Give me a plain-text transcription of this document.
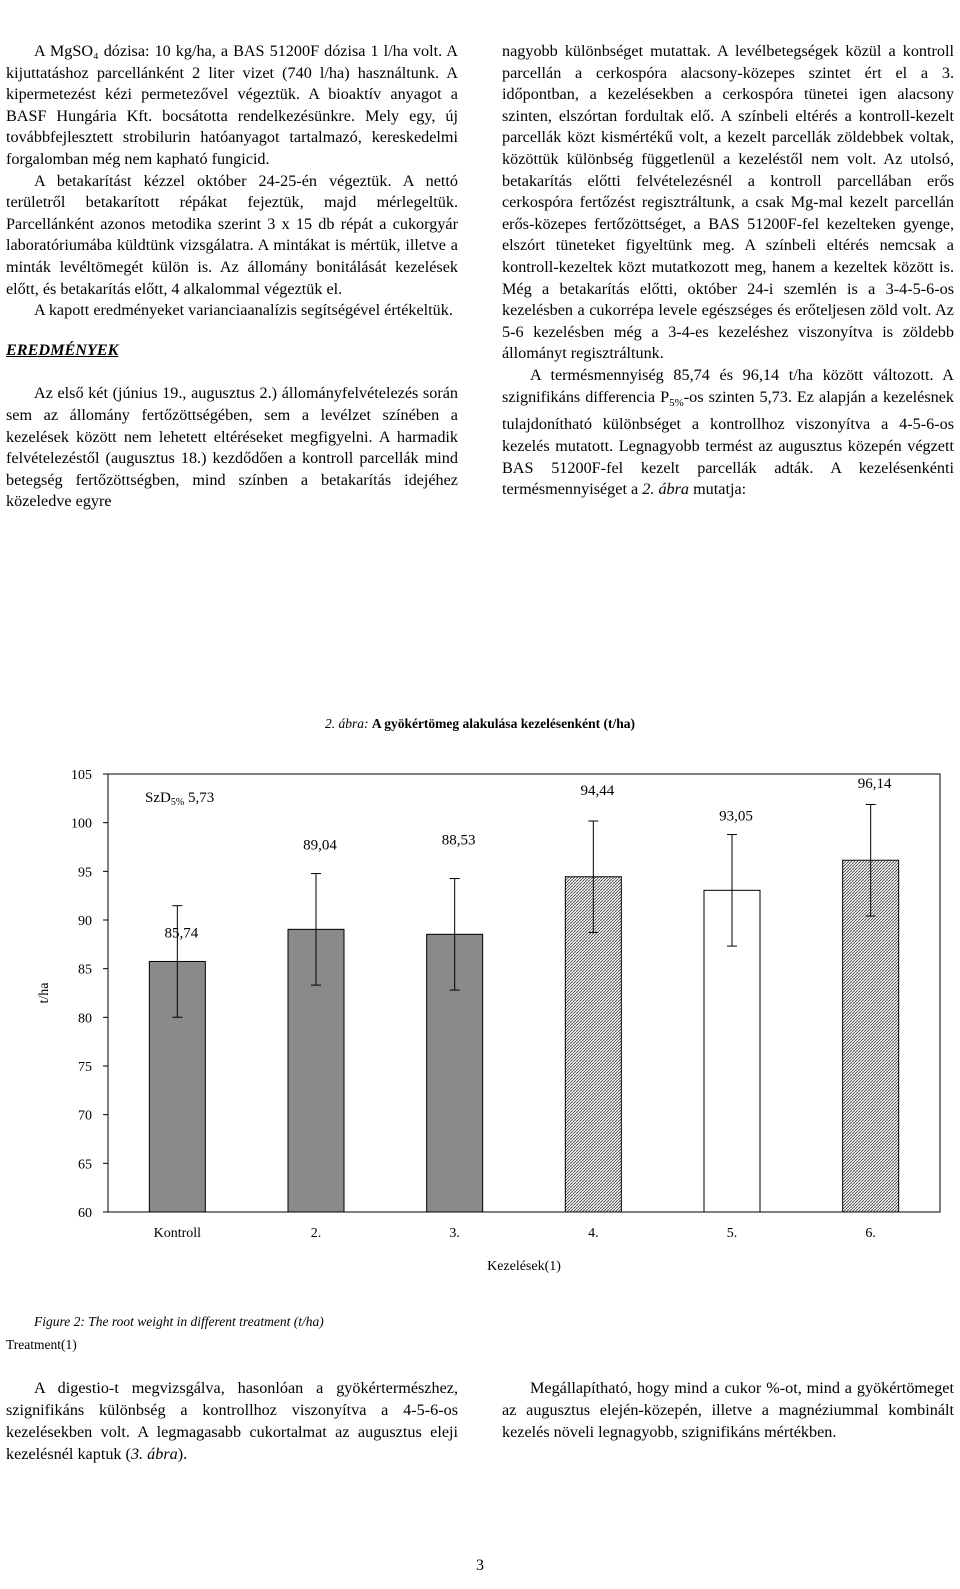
A MgSO₄ dózisa: 10 kg/ha, a BAS 51200F dózisa 1 l/ha volt. A kijuttatáshoz parcellánként 2 liter vizet (740 l/ha) használtunk. A kipermetezést kézi permetezővel végeztük. A bioaktív anyagot a BASF Hungária Kft. bocsátotta rendelkezésünkre. Mely egy, új továbbfejlesztett strobilurin hatóanyagot tartalmazó, kereskedelmi forgalomban még nem kapható fungicid.

A betakarítást kézzel október 24-25-én végeztük. A nettó területről betakarított répákat fejeztük, majd mérlegeltük. Parcellánként azonos metodika szerint 3 x 15 db répát a cukorgyár laboratóriumába küldtünk vizsgálatra. A mintákat is mértük, illetve a minták levéltömegét külön is. Az állomány bonitálását kezelések előtt, és betakarítás előtt, 4 alkalommal végeztük el.

A kapott eredményeket varianciaanalízis segítségével értékeltük.

EREDMÉNYEK

Az első két (június 19., augusztus 2.) állományfelvételezés során sem az állomány fertőzöttségében, sem a levélzet színében a kezelések között nem lehetett eltéréseket megfigyelni. A harmadik felvételezéstől (augusztus 18.) kezdődően a kontroll parcellák mind betegség fertőzöttségben, mind színben a betakarítás idejéhez közeledve egyre

nagyobb különbséget mutattak. A levélbetegségek közül a kontroll parcellán a cerkospóra alacsony-közepes szintet ért el a 3. időpontban, a kezelésekben a cerkospóra tünetei igen alacsony szinten, elszórtan fordultak elő. A színbeli eltérés a kontroll-kezelt parcellák közt kismértékű volt, a kezelt parcellák zöldebbek voltak, közöttük különbség függetlenül a kezeléstől nem volt. Az utolsó, betakarítás előtti felvételezésnél a kontroll parcellában erős cerkospóra fertőzést regisztráltunk, a csak Mg-mal kezelt parcellán erős-közepes fertőzöttséget, a BAS 51200F-fel kezelteken gyenge, elszórt tüneteket figyeltünk meg. A színbeli eltérés nemcsak a kontroll-kezeltek közt mutatkozott meg, hanem a kezeltek között is. Még a betakarítás előtti, október 24-i szemlén is a 3-4-5-6-os kezelésben a cukorrépa levele egészséges és erőteljesen zöld volt. Az 5-6 kezelésben még a 3-4-es kezeléshez viszonyítva is zöldebb állományt regisztráltunk.

A termésmennyiség 85,74 és 96,14 t/ha között változott. A szignifikáns differencia $P_{5\%}-os$ szinten 5,73. Ez alapján a kezelésnek tulajdonítható különbséget a kontrollhoz viszonyítva a 4-5-6-os kezelés mutatott. Legnagyobb termést az augusztus közepén végzett BAS 51200F-fel kezelt parcellák adták. A kezelésenkénti termésmennyiséget a 2. ábra mutatja:

2. ábra: A gyökértömeg alakulása kezelésenként (t/ha)
105
100
95
90
85
80
75
70
65
60
t/ha
85,74
Kontroll
89,04
2.
88,53
3.
94,44
4.
93,05
5.
96,14
6.
SzD$_{5\%}$ 5,73
Kezelések(1)
Figure 2: The root weight in different treatment (t/ha)
Treatment(1)

A digestio-t megvizsgálva, hasonlóan a gyökértermészhez, szignifikáns különbség a kontrollhoz viszonyítva a 4-5-6-os kezelésekben volt. A legmagasabb cukortalmat az augusztus eleji kezelésnél kaptuk (3. ábra).

Megállapítható, hogy mind a cukor %-ot, mind a gyökértömeget az augusztus elején-közepén, illetve a magnéziummal kombinált kezelés növeli legnagyobb, szignifikáns mértékben.

3
